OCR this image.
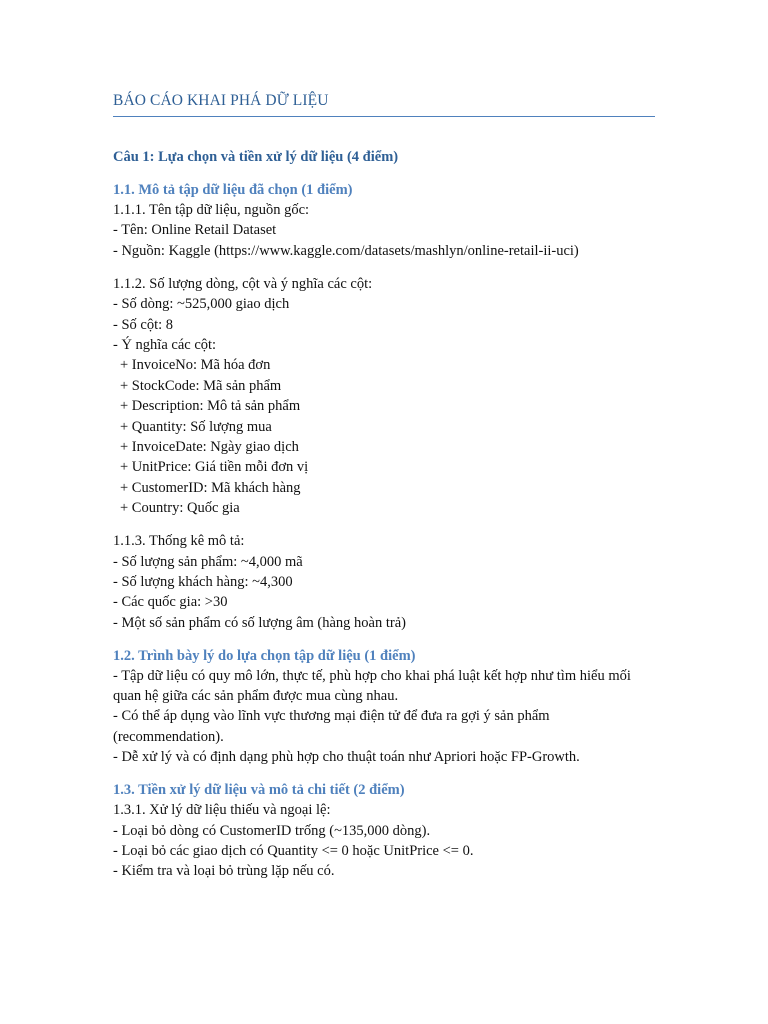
BÁO CÁO KHAI PHÁ DỮ LIỆU
Câu 1: Lựa chọn và tiền xử lý dữ liệu (4 điểm)
1.1. Mô tả tập dữ liệu đã chọn (1 điểm)
1.1.1. Tên tập dữ liệu, nguồn gốc:
- Tên: Online Retail Dataset
- Nguồn: Kaggle (https://www.kaggle.com/datasets/mashlyn/online-retail-ii-uci)
1.1.2. Số lượng dòng, cột và ý nghĩa các cột:
- Số dòng: ~525,000 giao dịch
- Số cột: 8
- Ý nghĩa các cột:
+ InvoiceNo: Mã hóa đơn
+ StockCode: Mã sản phẩm
+ Description: Mô tả sản phẩm
+ Quantity: Số lượng mua
+ InvoiceDate: Ngày giao dịch
+ UnitPrice: Giá tiền mỗi đơn vị
+ CustomerID: Mã khách hàng
+ Country: Quốc gia
1.1.3. Thống kê mô tả:
- Số lượng sản phẩm: ~4,000 mã
- Số lượng khách hàng: ~4,300
- Các quốc gia: >30
- Một số sản phẩm có số lượng âm (hàng hoàn trả)
1.2. Trình bày lý do lựa chọn tập dữ liệu (1 điểm)
- Tập dữ liệu có quy mô lớn, thực tế, phù hợp cho khai phá luật kết hợp như tìm hiểu mối quan hệ giữa các sản phẩm được mua cùng nhau.
- Có thể áp dụng vào lĩnh vực thương mại điện tử để đưa ra gợi ý sản phẩm (recommendation).
- Dễ xử lý và có định dạng phù hợp cho thuật toán như Apriori hoặc FP-Growth.
1.3. Tiền xử lý dữ liệu và mô tả chi tiết (2 điểm)
1.3.1. Xử lý dữ liệu thiếu và ngoại lệ:
- Loại bỏ dòng có CustomerID trống (~135,000 dòng).
- Loại bỏ các giao dịch có Quantity <= 0 hoặc UnitPrice <= 0.
- Kiểm tra và loại bỏ trùng lặp nếu có.
